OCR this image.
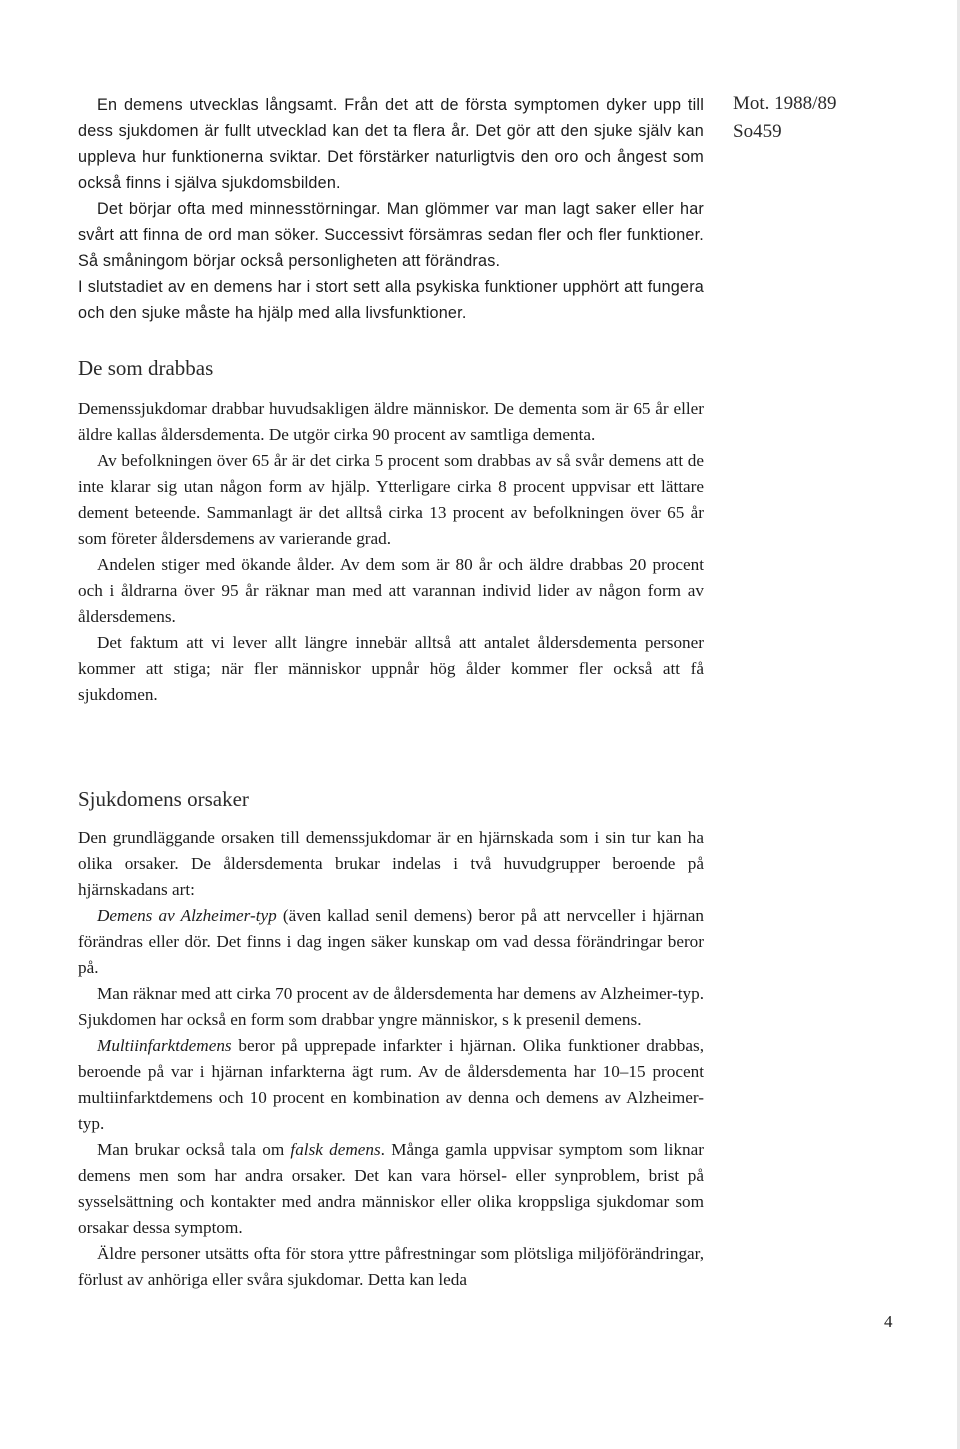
Mot. 1988/89
So459

En demens utvecklas långsamt. Från det att de första symptomen dyker upp till dess sjukdomen är fullt utvecklad kan det ta flera år. Det gör att den sjuke själv kan uppleva hur funktionerna sviktar. Det förstärker naturligtvis den oro och ångest som också finns i själva sjukdomsbilden.

Det börjar ofta med minnesstörningar. Man glömmer var man lagt saker eller har svårt att finna de ord man söker. Successivt försämras sedan fler och fler funktioner. Så småningom börjar också personligheten att förändras.

I slutstadiet av en demens har i stort sett alla psykiska funktioner upphört att fungera och den sjuke måste ha hjälp med alla livsfunktioner.

De som drabbas

Demenssjukdomar drabbar huvudsakligen äldre människor. De dementa som är 65 år eller äldre kallas åldersdementa. De utgör cirka 90 procent av samtliga dementa.

Av befolkningen över 65 år är det cirka 5 procent som drabbas av så svår demens att de inte klarar sig utan någon form av hjälp. Ytterligare cirka 8 procent uppvisar ett lättare dement beteende. Sammanlagt är det alltså cirka 13 procent av befolkningen över 65 år som företer åldersdemens av varierande grad.

Andelen stiger med ökande ålder. Av dem som är 80 år och äldre drabbas 20 procent och i åldrarna över 95 år räknar man med att varannan individ lider av någon form av åldersdemens.

Det faktum att vi lever allt längre innebär alltså att antalet åldersdementa personer kommer att stiga; när fler människor uppnår hög ålder kommer fler också att få sjukdomen.

Sjukdomens orsaker

Den grundläggande orsaken till demenssjukdomar är en hjärnskada som i sin tur kan ha olika orsaker. De åldersdementa brukar indelas i två huvudgrupper beroende på hjärnskadans art:

Demens av Alzheimer-typ (även kallad senil demens) beror på att nervceller i hjärnan förändras eller dör. Det finns i dag ingen säker kunskap om vad dessa förändringar beror på.

Man räknar med att cirka 70 procent av de åldersdementa har demens av Alzheimer-typ. Sjukdomen har också en form som drabbar yngre människor, s k presenil demens.

Multiinfarktdemens beror på upprepade infarkter i hjärnan. Olika funktioner drabbas, beroende på var i hjärnan infarkterna ägt rum. Av de åldersdementa har 10–15 procent multiinfarktdemens och 10 procent en kombination av denna och demens av Alzheimer-typ.

Man brukar också tala om falsk demens. Många gamla uppvisar symptom som liknar demens men som har andra orsaker. Det kan vara hörsel- eller synproblem, brist på sysselsättning och kontakter med andra människor eller olika kroppsliga sjukdomar som orsakar dessa symptom.

Äldre personer utsätts ofta för stora yttre påfrestningar som plötsliga miljöförändringar, förlust av anhöriga eller svåra sjukdomar. Detta kan leda

4
